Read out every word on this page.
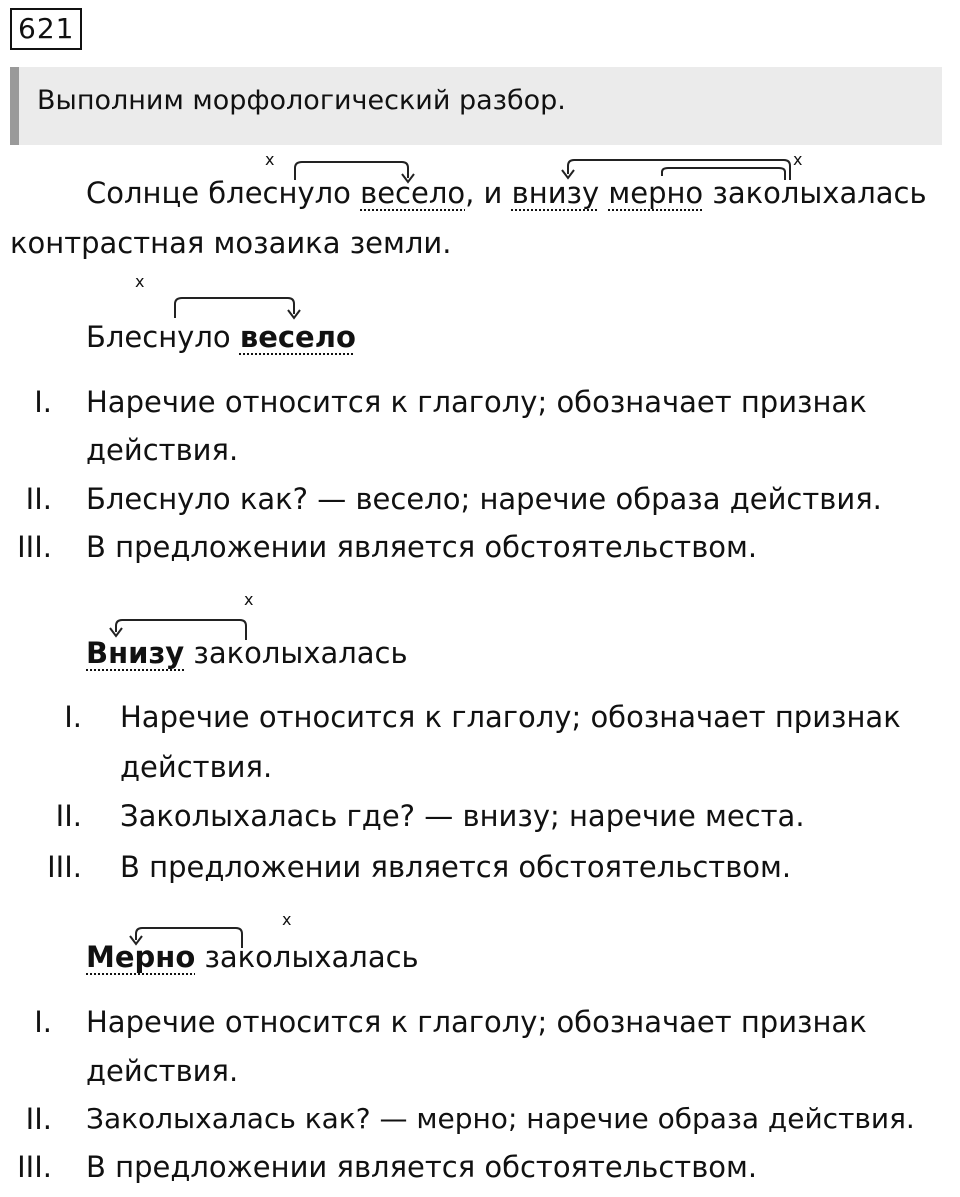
621
Выполним морфологический разбор.
x	x
Солнце блеснуло весело, и внизу мерно заколыхалась
контрастная мозаика земли.
x
Блеснуло весело
I. Наречие относится к глаголу; обозначает признак
действия.
II. Блеснуло как? — весело; наречие образа действия.
III. В предложении является обстоятельством.
x
Внизу заколыхалась
I. Наречие относится к глаголу; обозначает признак
действия.
II. Заколыхалась где? — внизу; наречие места.
III. В предложении является обстоятельством.
x
Мерно заколыхалась
I. Наречие относится к глаголу; обозначает признак
действия.
II. Заколыхалась как? — мерно; наречие образа действия.
III. В предложении является обстоятельством.
